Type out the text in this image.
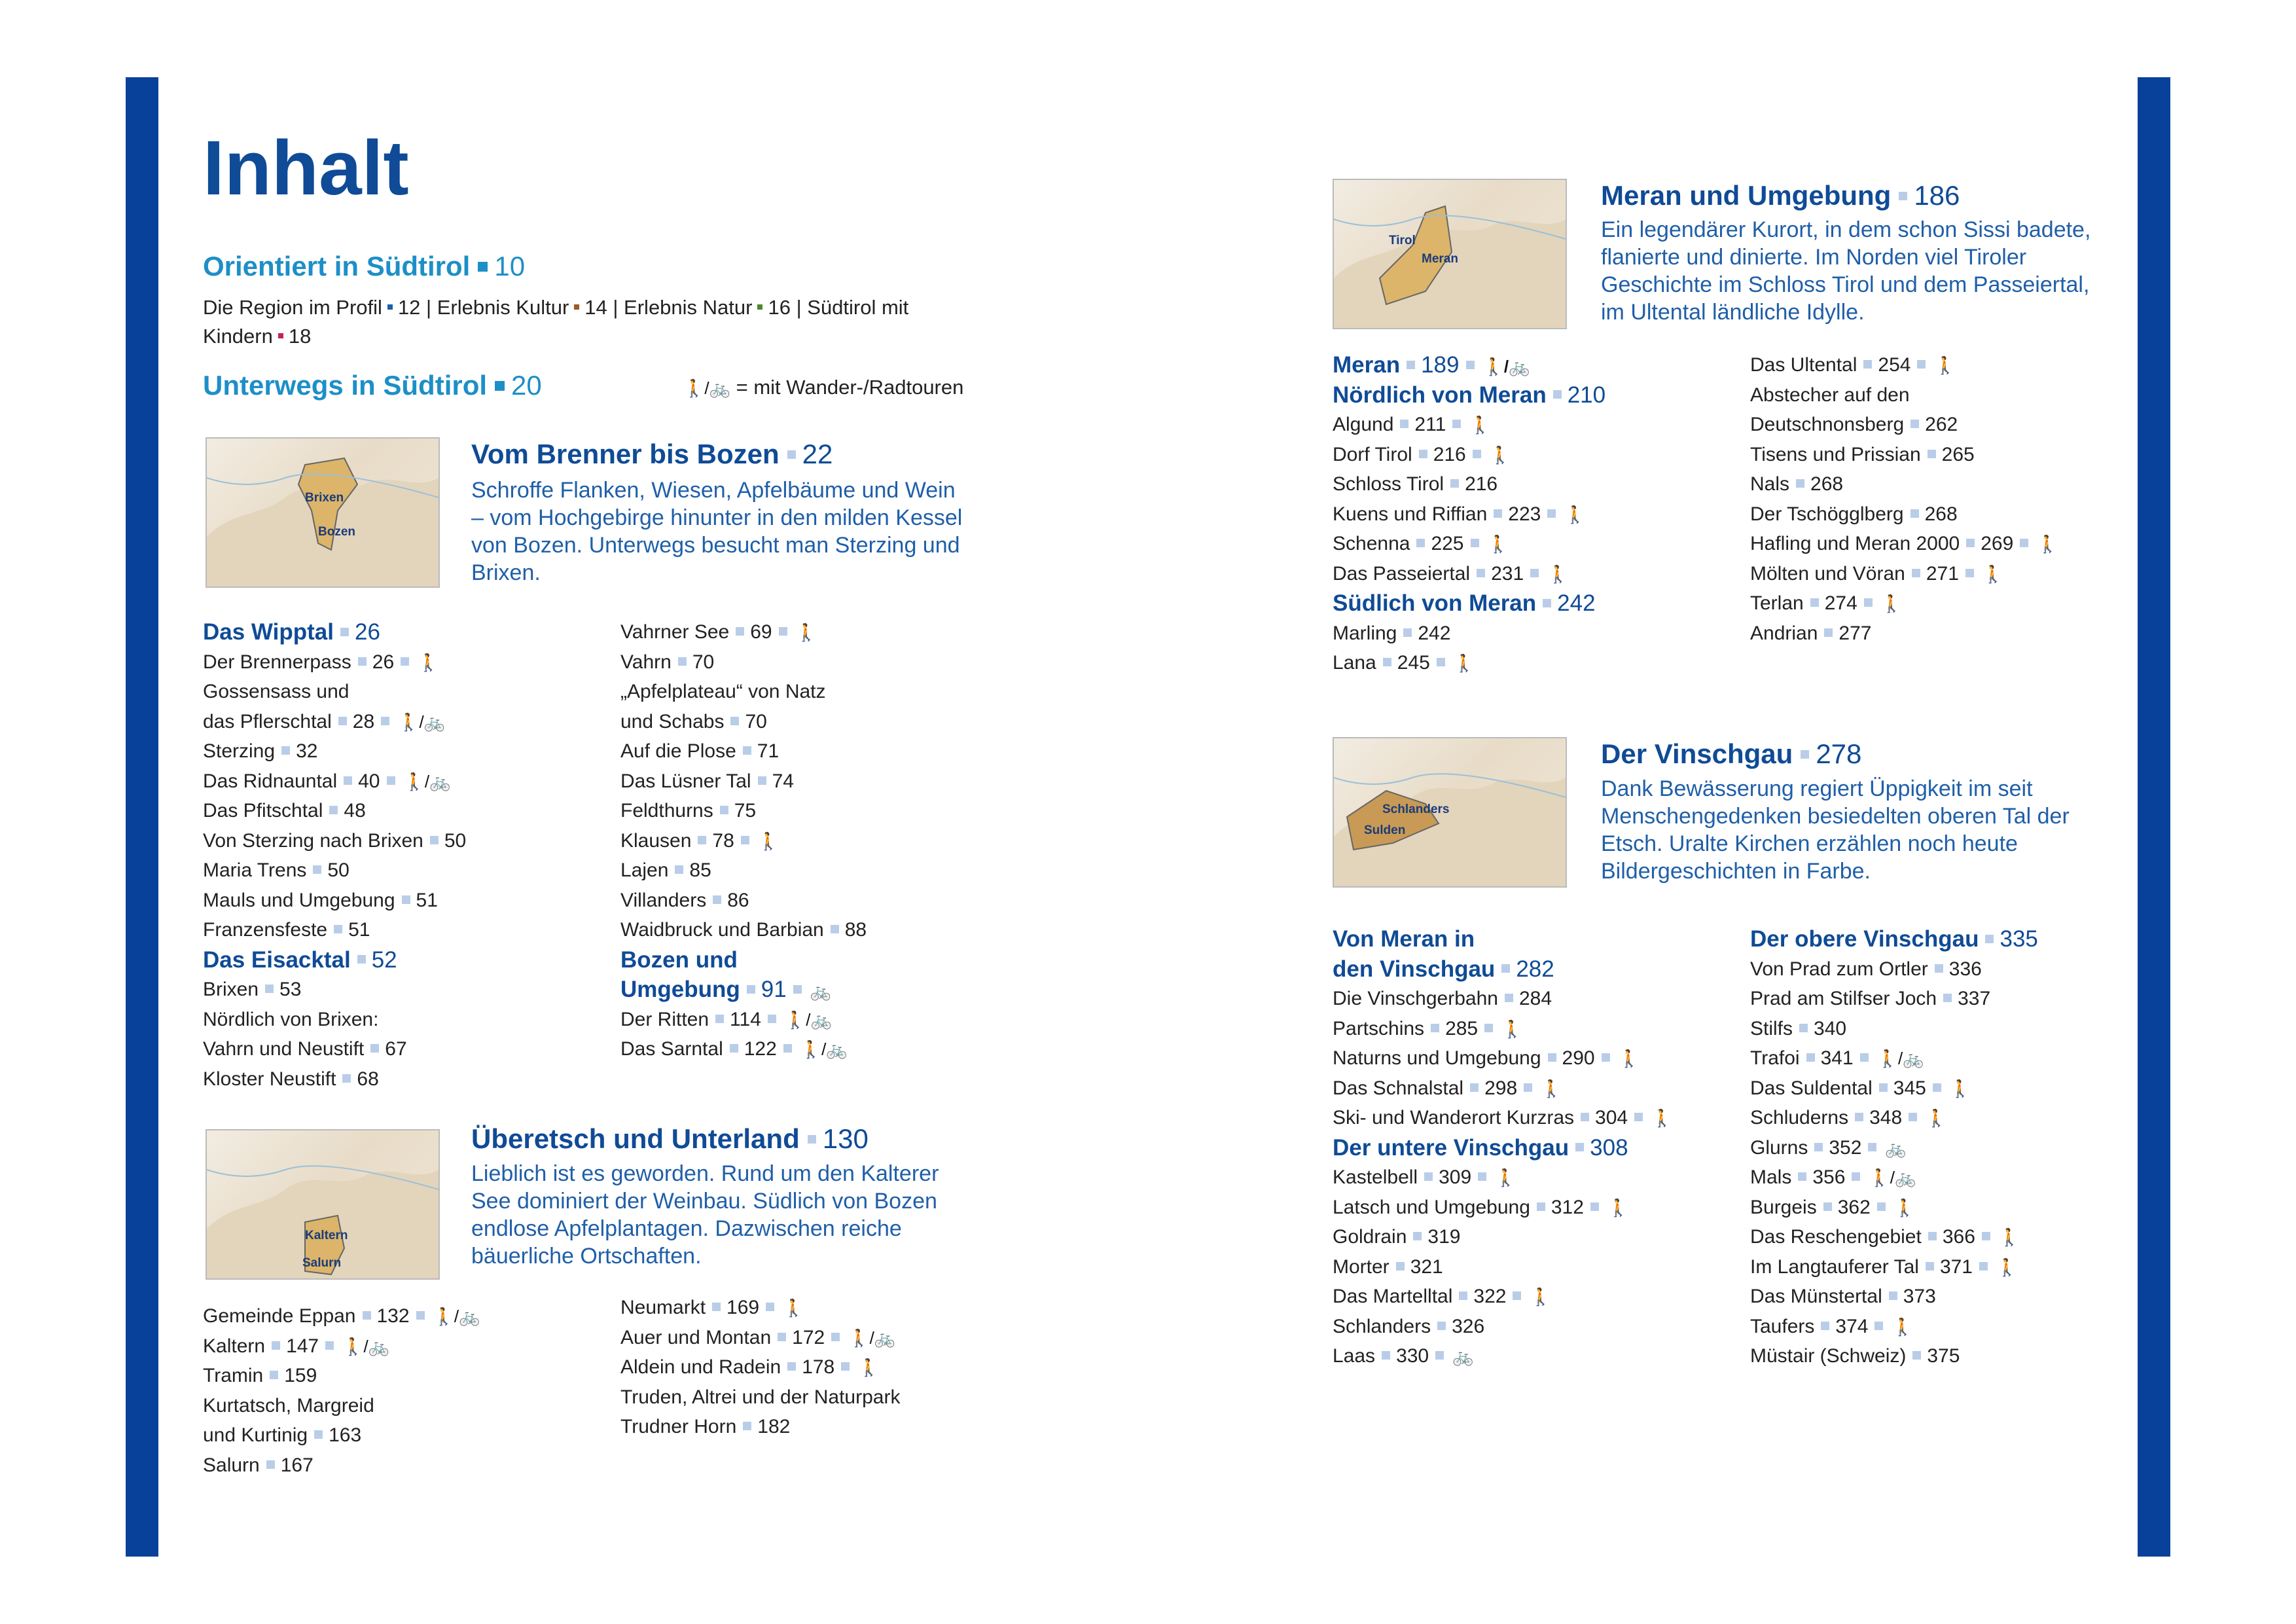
Inhalt
Orientiert in Südtirol 10
Die Region im Profil 12 | Erlebnis Kultur 14 | Erlebnis Natur 16 | Südtirol mit
Kindern 18
Unterwegs in Südtirol 20	🚶/🚲 = mit Wander-/Radtouren
Brixen
Bozen
Vom Brenner bis Bozen 22
Schroffe Flanken, Wiesen, Apfelbäume und Wein – vom Hochgebirge hinunter in den milden Kessel von Bozen. Unterwegs besucht man Sterzing und Brixen.
Das Wipptal 26
Der Brennerpass 26 🚶
Gossensass und
das Pflerschtal 28 🚶/🚲
Sterzing 32
Das Ridnauntal 40 🚶/🚲
Das Pfitschtal 48
Von Sterzing nach Brixen 50
Maria Trens 50
Mauls und Umgebung 51
Franzensfeste 51
Das Eisacktal 52
Brixen 53
Nördlich von Brixen:
Vahrn und Neustift 67
Kloster Neustift 68
Vahrner See 69 🚶
Vahrn 70
„Apfelplateau“ von Natz
und Schabs 70
Auf die Plose 71
Das Lüsner Tal 74
Feldthurns 75
Klausen 78 🚶
Lajen 85
Villanders 86
Waidbruck und Barbian 88
Bozen und
Umgebung 91 🚲
Der Ritten 114 🚶/🚲
Das Sarntal 122 🚶/🚲
Kaltern
Salurn
Überetsch und Unterland 130
Lieblich ist es geworden. Rund um den Kalterer See dominiert der Weinbau. Südlich von Bozen endlose Apfelplantagen. Dazwischen reiche bäuerliche Ortschaften.
Gemeinde Eppan 132 🚶/🚲
Kaltern 147 🚶/🚲
Tramin 159
Kurtatsch, Margreid
und Kurtinig 163
Salurn 167
Neumarkt 169 🚶
Auer und Montan 172 🚶/🚲
Aldein und Radein 178 🚶
Truden, Altrei und der Naturpark
Trudner Horn 182
Tirol
Meran
Meran und Umgebung 186
Ein legendärer Kurort, in dem schon Sissi badete, flanierte und dinierte. Im Norden viel Tiroler Geschichte im Schloss Tirol und dem Passeiertal, im Ultental ländliche Idylle.
Meran 189 🚶/🚲
Nördlich von Meran 210
Algund 211 🚶
Dorf Tirol 216 🚶
Schloss Tirol 216
Kuens und Riffian 223 🚶
Schenna 225 🚶
Das Passeiertal 231 🚶
Südlich von Meran 242
Marling 242
Lana 245 🚶
Das Ultental 254 🚶
Abstecher auf den
Deutschnonsberg 262
Tisens und Prissian 265
Nals 268
Der Tschögglberg 268
Hafling und Meran 2000 269 🚶
Mölten und Vöran 271 🚶
Terlan 274 🚶
Andrian 277
Schlanders
Sulden
Der Vinschgau 278
Dank Bewässerung regiert Üppigkeit im seit Menschengedenken besiedelten oberen Tal der Etsch. Uralte Kirchen erzählen noch heute Bildergeschichten in Farbe.
Von Meran in
den Vinschgau 282
Die Vinschgerbahn 284
Partschins 285 🚶
Naturns und Umgebung 290 🚶
Das Schnalstal 298 🚶
Ski- und Wanderort Kurzras 304 🚶
Der untere Vinschgau 308
Kastelbell 309 🚶
Latsch und Umgebung 312 🚶
Goldrain 319
Morter 321
Das Martelltal 322 🚶
Schlanders 326
Laas 330 🚲
Der obere Vinschgau 335
Von Prad zum Ortler 336
Prad am Stilfser Joch 337
Stilfs 340
Trafoi 341 🚶/🚲
Das Suldental 345 🚶
Schluderns 348 🚶
Glurns 352 🚲
Mals 356 🚶/🚲
Burgeis 362 🚶
Das Reschengebiet 366 🚶
Im Langtauferer Tal 371 🚶
Das Münstertal 373
Taufers 374 🚶
Müstair (Schweiz) 375
